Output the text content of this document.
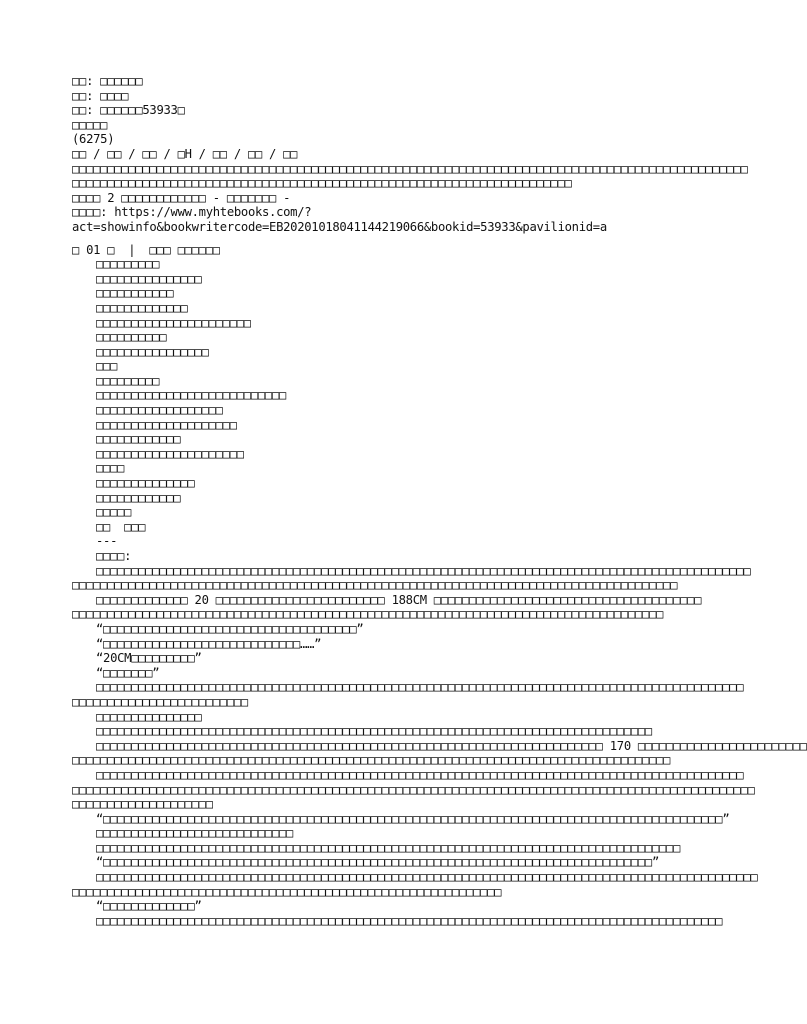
□□: □□□□□□
□□: □□□□
□□: □□□□□□53933□
□□□□□
(6275)
□□ / □□ / □□ / □H / □□ / □□ / □□
□□□□□□□□□□□□□□□□□□□□□□□□□□□□□□□□□□□□□□□□□□□□□□□□□□□□□□□□□□□□□□□□□□□□□□□□□□□□□□□□□□□□□□□□□□□□□□□□
□□□□□□□□□□□□□□□□□□□□□□□□□□□□□□□□□□□□□□□□□□□□□□□□□□□□□□□□□□□□□□□□□□□□□□□
□□□□ 2 □□□□□□□□□□□□ - □□□□□□□ -
□□□□: https://www.myhtebooks.com/?
act=showinfo&bookwritercode=EB20201018041144219066&bookid=53933&pavilionid=a
□ 01 □  |  □□□ □□□□□□
□□□□□□□□□
□□□□□□□□□□□□□□□
□□□□□□□□□□□
□□□□□□□□□□□□□
□□□□□□□□□□□□□□□□□□□□□□
□□□□□□□□□□
□□□□□□□□□□□□□□□□
□□□
□□□□□□□□□
□□□□□□□□□□□□□□□□□□□□□□□□□□□
□□□□□□□□□□□□□□□□□□
□□□□□□□□□□□□□□□□□□□□
□□□□□□□□□□□□
□□□□□□□□□□□□□□□□□□□□□
□□□□
□□□□□□□□□□□□□□
□□□□□□□□□□□□
□□□□□
□□  □□□
---
□□□□:
□□□□□□□□□□□□□□□□□□□□□□□□□□□□□□□□□□□□□□□□□□□□□□□□□□□□□□□□□□□□□□□□□□□□□□□□□□□□□□□□□□□□□□□□□□□□□
□□□□□□□□□□□□□□□□□□□□□□□□□□□□□□□□□□□□□□□□□□□□□□□□□□□□□□□□□□□□□□□□□□□□□□□□□□□□□□□□□□□□□□
□□□□□□□□□□□□□ 20 □□□□□□□□□□□□□□□□□□□□□□□□ 188CM □□□□□□□□□□□□□□□□□□□□□□□□□□□□□□□□□□□□□□
□□□□□□□□□□□□□□□□□□□□□□□□□□□□□□□□□□□□□□□□□□□□□□□□□□□□□□□□□□□□□□□□□□□□□□□□□□□□□□□□□□□□
“□□□□□□□□□□□□□□□□□□□□□□□□□□□□□□□□□□□□”
“□□□□□□□□□□□□□□□□□□□□□□□□□□□□……”
“20CM□□□□□□□□□”
“□□□□□□□”
□□□□□□□□□□□□□□□□□□□□□□□□□□□□□□□□□□□□□□□□□□□□□□□□□□□□□□□□□□□□□□□□□□□□□□□□□□□□□□□□□□□□□□□□□□□□
□□□□□□□□□□□□□□□□□□□□□□□□□
□□□□□□□□□□□□□□□
□□□□□□□□□□□□□□□□□□□□□□□□□□□□□□□□□□□□□□□□□□□□□□□□□□□□□□□□□□□□□□□□□□□□□□□□□□□□□□□
□□□□□□□□□□□□□□□□□□□□□□□□□□□□□□□□□□□□□□□□□□□□□□□□□□□□□□□□□□□□□□□□□□□□□□□□ 170 □□□□□□□□□□□□□□□□□□□□□□□□
□□□□□□□□□□□□□□□□□□□□□□□□□□□□□□□□□□□□□□□□□□□□□□□□□□□□□□□□□□□□□□□□□□□□□□□□□□□□□□□□□□□□□
□□□□□□□□□□□□□□□□□□□□□□□□□□□□□□□□□□□□□□□□□□□□□□□□□□□□□□□□□□□□□□□□□□□□□□□□□□□□□□□□□□□□□□□□□□□□
□□□□□□□□□□□□□□□□□□□□□□□□□□□□□□□□□□□□□□□□□□□□□□□□□□□□□□□□□□□□□□□□□□□□□□□□□□□□□□□□□□□□□□□□□□□□□□□□□
□□□□□□□□□□□□□□□□□□□□
“□□□□□□□□□□□□□□□□□□□□□□□□□□□□□□□□□□□□□□□□□□□□□□□□□□□□□□□□□□□□□□□□□□□□□□□□□□□□□□□□□□□□□□□□”
□□□□□□□□□□□□□□□□□□□□□□□□□□□□
□□□□□□□□□□□□□□□□□□□□□□□□□□□□□□□□□□□□□□□□□□□□□□□□□□□□□□□□□□□□□□□□□□□□□□□□□□□□□□□□□□□
“□□□□□□□□□□□□□□□□□□□□□□□□□□□□□□□□□□□□□□□□□□□□□□□□□□□□□□□□□□□□□□□□□□□□□□□□□□□□□□”
□□□□□□□□□□□□□□□□□□□□□□□□□□□□□□□□□□□□□□□□□□□□□□□□□□□□□□□□□□□□□□□□□□□□□□□□□□□□□□□□□□□□□□□□□□□□□□
□□□□□□□□□□□□□□□□□□□□□□□□□□□□□□□□□□□□□□□□□□□□□□□□□□□□□□□□□□□□□
“□□□□□□□□□□□□□”
□□□□□□□□□□□□□□□□□□□□□□□□□□□□□□□□□□□□□□□□□□□□□□□□□□□□□□□□□□□□□□□□□□□□□□□□□□□□□□□□□□□□□□□□□
